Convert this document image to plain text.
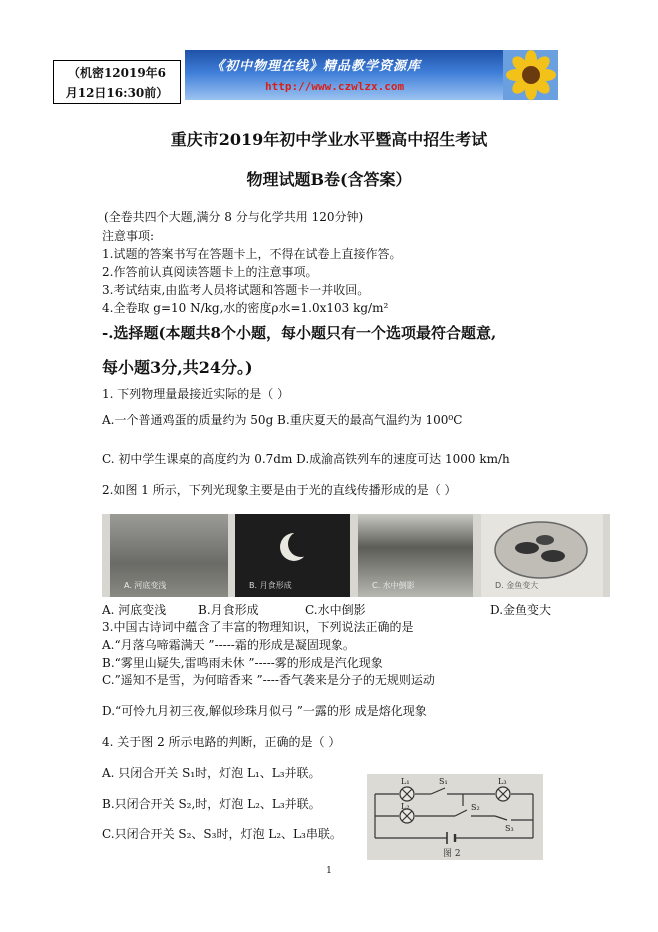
（机密12019年6
月12日16:30前）
《初中物理在线》精品教学资源库
http://www.czwlzx.com
重庆市2019年初中学业水平暨高中招生考试
物理试题B卷(含答案）
(全卷共四个大题,满分 8 分与化学共用 120分钟)
注意事项:
1.试题的答案书写在答题卡上，不得在试卷上直接作答。
2.作答前认真阅读答题卡上的注意事项。
3.考试结束,由监考人员将试题和答题卡一并收回。
4.全卷取 g=10 N/kg,水的密度ρ水=1.0x103 kg/m²
-.选择题(本题共8个小题，每小题只有一个选项最符合题意,
每小题3分,共24分。)
1. 下列物理量最接近实际的是（ ）
A.一个普通鸡蛋的质量约为 50g B.重庆夏天的最高气温约为 100⁰C
C. 初中学生课桌的高度约为 0.7dm D.成渝高铁列车的速度可达 1000 km/h
2.如图 1 所示，下列光现象主要是由于光的直线传播形成的是（ ）
A. 河底变浅	B. 月食形成	C. 水中倒影	D. 金鱼变大
A. 河底变浅	B.月食形成	C.水中倒影	D.金鱼变大
3.中国古诗词中蕴含了丰富的物理知识，下列说法正确的是
A.“月落乌啼霜满天 ”-----霜的形成是凝固现象。
B.“雾里山疑失,雷鸣雨未休 ”-----雾的形成是汽化现象
C.”遥知不是雪，为何暗香来 ”----香气袭来是分子的无规则运动
D.“可怜九月初三夜,解似珍珠月似弓 ”一露的形 成是熔化现象
4. 关于图 2 所示电路的判断，正确的是（ ）
A. 只闭合开关 S₁时，灯泡 L₁、L₃并联。
B.只闭合开关 S₂,时，灯泡 L₂、L₃并联。
C.只闭合开关 S₂、S₃时，灯泡 L₂、L₃串联。
L₁	S₁	L₃
L₂	S₂
S₃
图 2
1
